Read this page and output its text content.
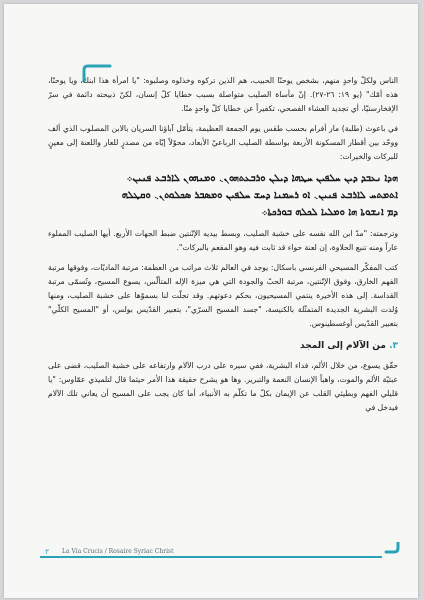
الناس ولكلّ واحدٍ منهم، بشخص يوحنّا الحبيب، هم الذين تركوه وخذلوه وصلبوه: "يا امرأة هذا ابنك، ويا يوحنّا، هذه أمّك" (يو ١٩: ٢٦-٢٧). إنّ مأساة الصليب متواصلة بسبب خطايا كلّ إنسان، لكنّ ذبيحته دائمة في سرّ الإفخارستيّا، أي تجديد العشاء الفصحي، تكفيراً عن خطايا كلّ واحدٍ منّا.

في باعوث (طلبة) مار أفرام بحسب طقس يوم الجمعة العظيمة، يتأمّل آباؤنا السريان بالابن المصلوب الذي ألف ووحّد بين أقطار المسكونة الأربعة بواسطة الصليب الرباعيّ الأبعاد، محوّلاً إيّاه من مصدرٍ للعار واللعنة إلى معينٍ للبركات والخيرات:

ܗܕܐ ܢܥܒܕ ܕܝܢ ܚܠܦܝܢ ܚܛܗܐ ܕܝܠܢ ܘܪܒܥܬܗܘܢ܆ ܘܡܢܗܘܢ ܠܐܪܒܥ ܦܢܝܢ܀
ܐܬܡܬܚ ܠܐܪܒܥ ܦܢܝܢ܆ ܐܘ ܪܚܡܢܐ ܕܚܫ ܚܠܦܝܢ ܘܡܣܒܪ ܣܟܠܘܬܢ܆ ܘܩܛܠܗ
ܕܡ ܐܢܫܘܬܐ ܗܐ ܘܡܠܝܐ ܠܟܠܗ ܒܘܪܟܬܐ܀

وترجمته: "مدّ ابن الله نفسه على خشبة الصليب، وبسط بيديه الإتّنتين ضبط الجهات الأربع. أيها الصليب المملوء عاراً ومنه تنبع الحلاوة، إن لعنة حواء قد ثابت فيه وهو المفعم بالبركات".

كتب المفكّر المسيحي الفرنسي باسكال: يوجد في العالم ثلاث مراتب من العظمة: مرتبة الماديّات، وفوقها مرتبة الفهم الخارق، وفوق الإتّنتين، مرتبة الحبّ والجودة التي هي ميزة الإله المتألّس، يسوع المسيح، وتُسمّى مرتبة القداسة. إلى هذه الأخيرة ينتمي المسيحيون، بحكم دعوتهم. وقد تجلّت لنا بسموّها على خشبة الصليب، ومنها وُلدت البشرية الجديدة المتمثّلة بالكنيسة، "جسد المسيح السرّي"، بتعبير القدّيس بولس، أو "المسيح الكلّي" بتعبير القدّيس أوغسطينوس.

٣. من الآلام إلى المجد

حقّق يسوع، من خلال الألم، فداء البشرية، ففي سيره على درب الآلام وارتفاعه على خشبة الصليب، قضى على عبثيّة الألم والموت، واهباً الإنسان النعمة والتبرير. وها هو يشرح حقيقة هذا الأمر حيثما قال لتلميذي عمّاوس: "يا قليلي الفهم وبطيئي القلب عن الإيمان بكلّ ما تكلّم به الأنبياء، أما كان يجب على المسيح أن يعاني تلك الآلام فيدخل في

٣	La Via Crucis / Rosaire Syriac Christ
